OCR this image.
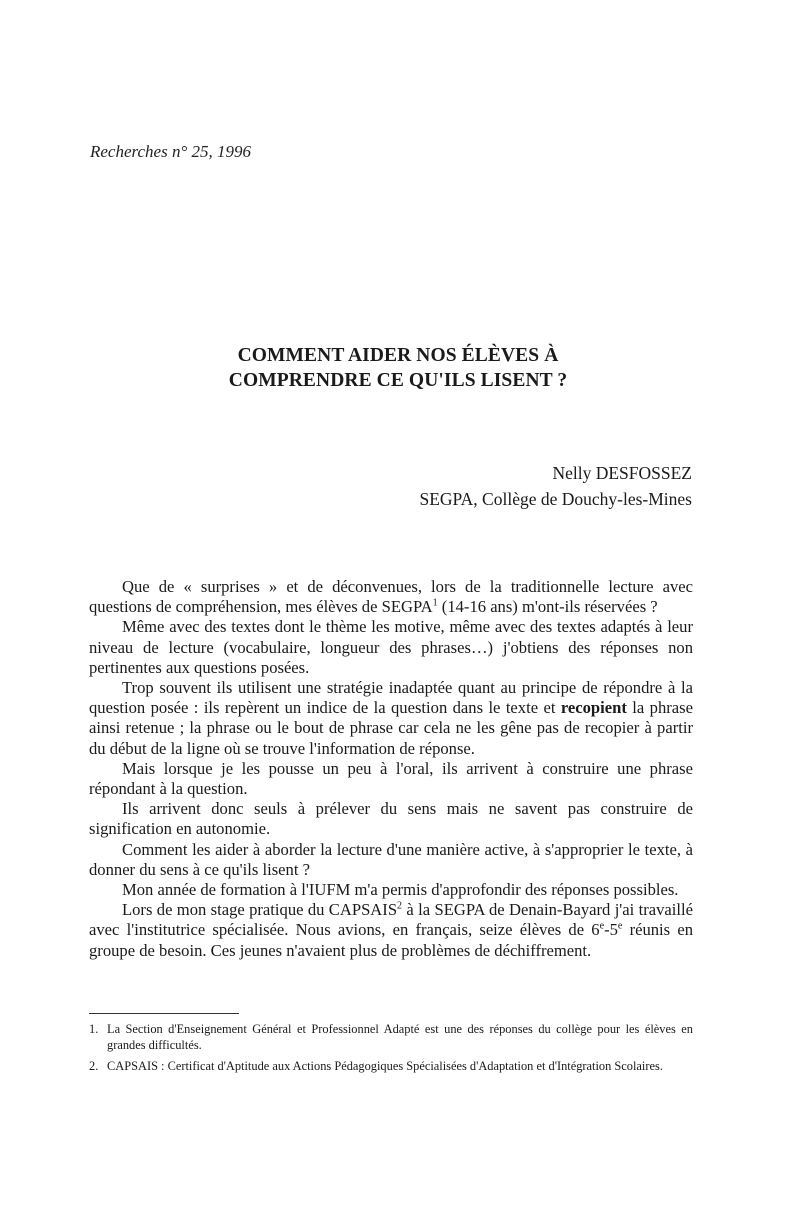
Recherches n° 25, 1996
COMMENT AIDER NOS ÉLÈVES À
COMPRENDRE CE QU'ILS LISENT ?
Nelly DESFOSSEZ
SEGPA, Collège de Douchy-les-Mines

Que de « surprises » et de déconvenues, lors de la traditionnelle lecture avec questions de compréhension, mes élèves de SEGPA$^1$ (14-16 ans) m'ont-ils réservées ?

Même avec des textes dont le thème les motive, même avec des textes adaptés à leur niveau de lecture (vocabulaire, longueur des phrases…) j'obtiens des réponses non pertinentes aux questions posées.

Trop souvent ils utilisent une stratégie inadaptée quant au principe de répondre à la question posée : ils repèrent un indice de la question dans le texte et recopient la phrase ainsi retenue ; la phrase ou le bout de phrase car cela ne les gêne pas de recopier à partir du début de la ligne où se trouve l'information de réponse.

Mais lorsque je les pousse un peu à l'oral, ils arrivent à construire une phrase répondant à la question.

Ils arrivent donc seuls à prélever du sens mais ne savent pas construire de signification en autonomie.

Comment les aider à aborder la lecture d'une manière active, à s'approprier le texte, à donner du sens à ce qu'ils lisent ?

Mon année de formation à l'IUFM m'a permis d'approfondir des réponses possibles.

Lors de mon stage pratique du CAPSAIS$^2$ à la SEGPA de Denain-Bayard j'ai travaillé avec l'institutrice spécialisée. Nous avions, en français, seize élèves de 6e-5e réunis en groupe de besoin. Ces jeunes n'avaient plus de problèmes de déchiffrement.

1. La Section d'Enseignement Général et Professionnel Adapté est une des réponses du collège pour les élèves en grandes difficultés.
2. CAPSAIS : Certificat d'Aptitude aux Actions Pédagogiques Spécialisées d'Adaptation et d'Intégration Scolaires.
